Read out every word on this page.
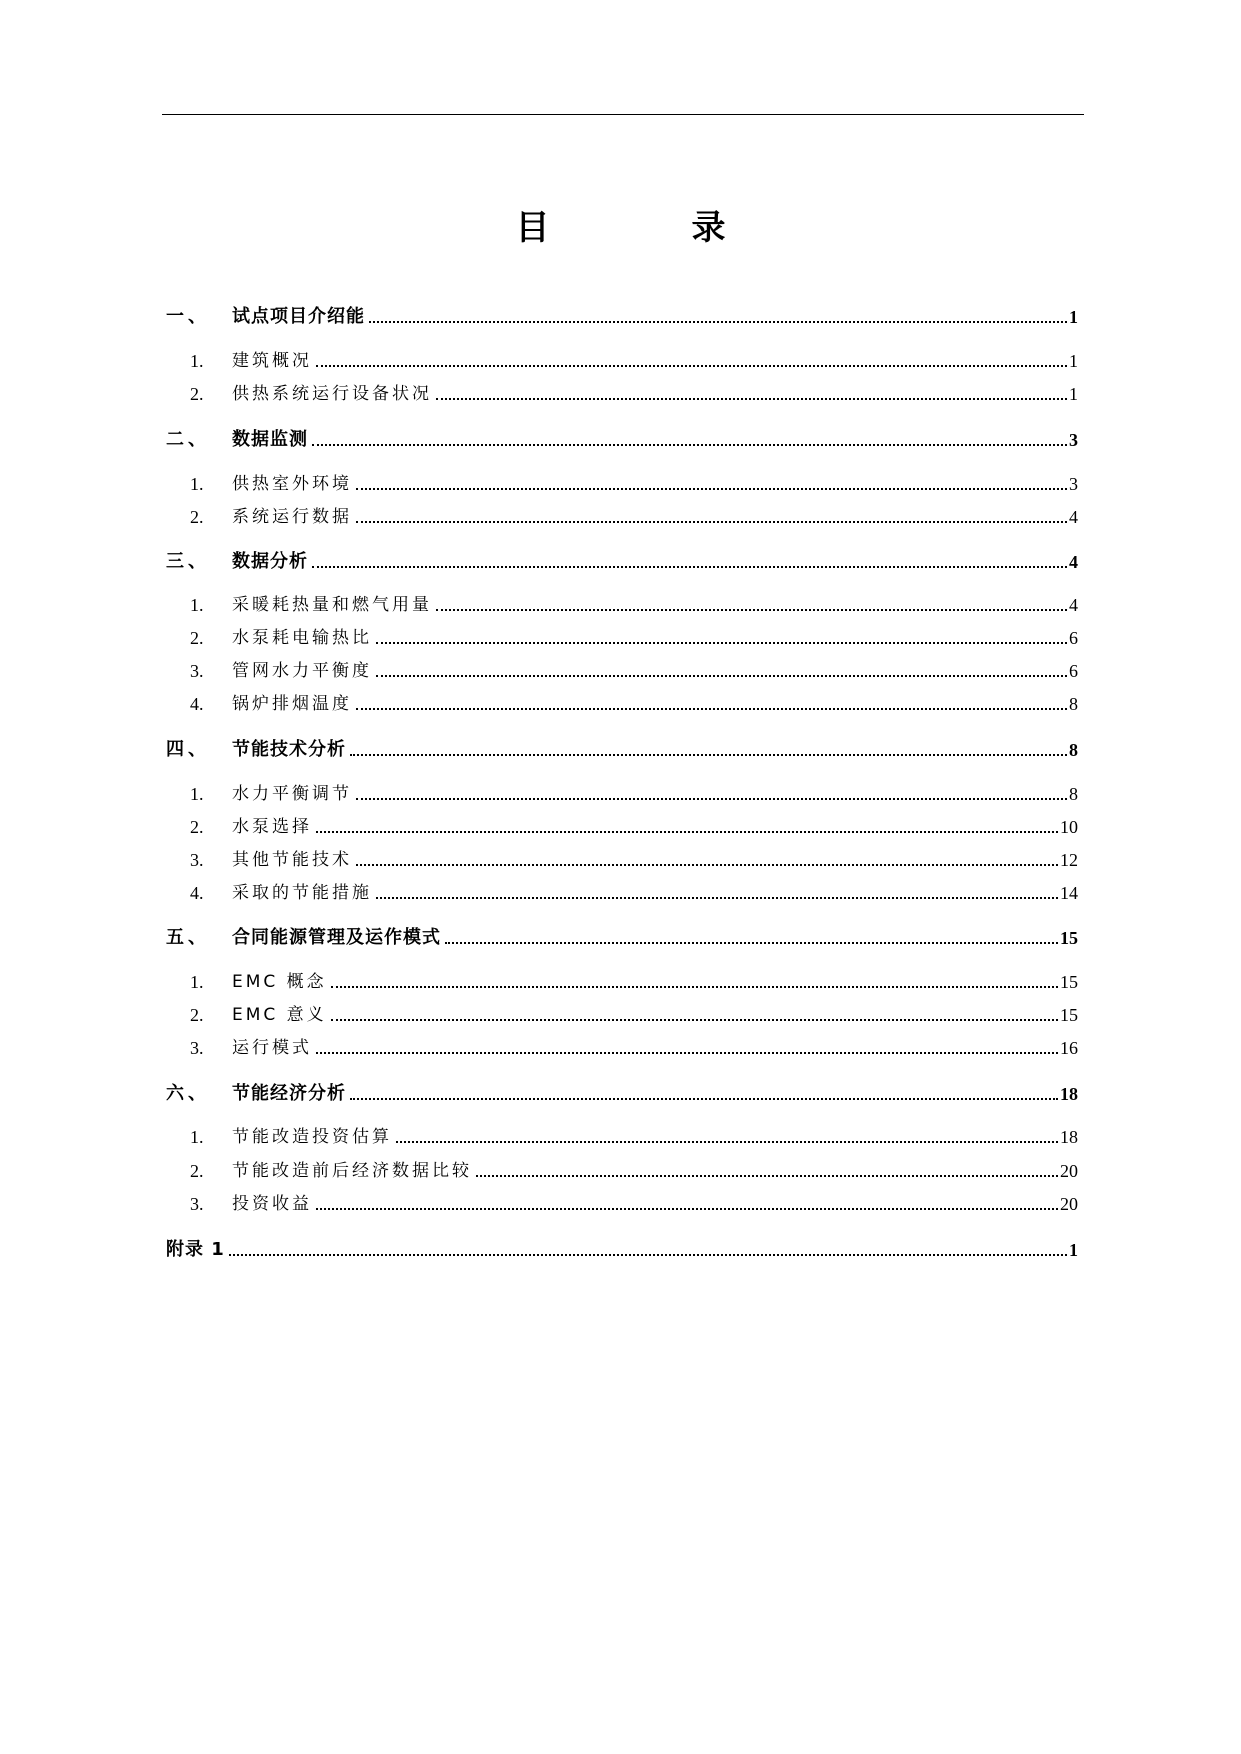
目　录
一、	试点项目介绍能	1
1.	建筑概况	1
2.	供热系统运行设备状况	1
二、	数据监测	3
1.	供热室外环境	3
2.	系统运行数据	4
三、	数据分析	4
1.	采暖耗热量和燃气用量	4
2.	水泵耗电输热比	6
3.	管网水力平衡度	6
4.	锅炉排烟温度	8
四、	节能技术分析	8
1.	水力平衡调节	8
2.	水泵选择	10
3.	其他节能技术	12
4.	采取的节能措施	14
五、	合同能源管理及运作模式	15
1.	EMC 概念	15
2.	EMC 意义	15
3.	运行模式	16
六、	节能经济分析	18
1.	节能改造投资估算	18
2.	节能改造前后经济数据比较	20
3.	投资收益	20
附录 1	1
